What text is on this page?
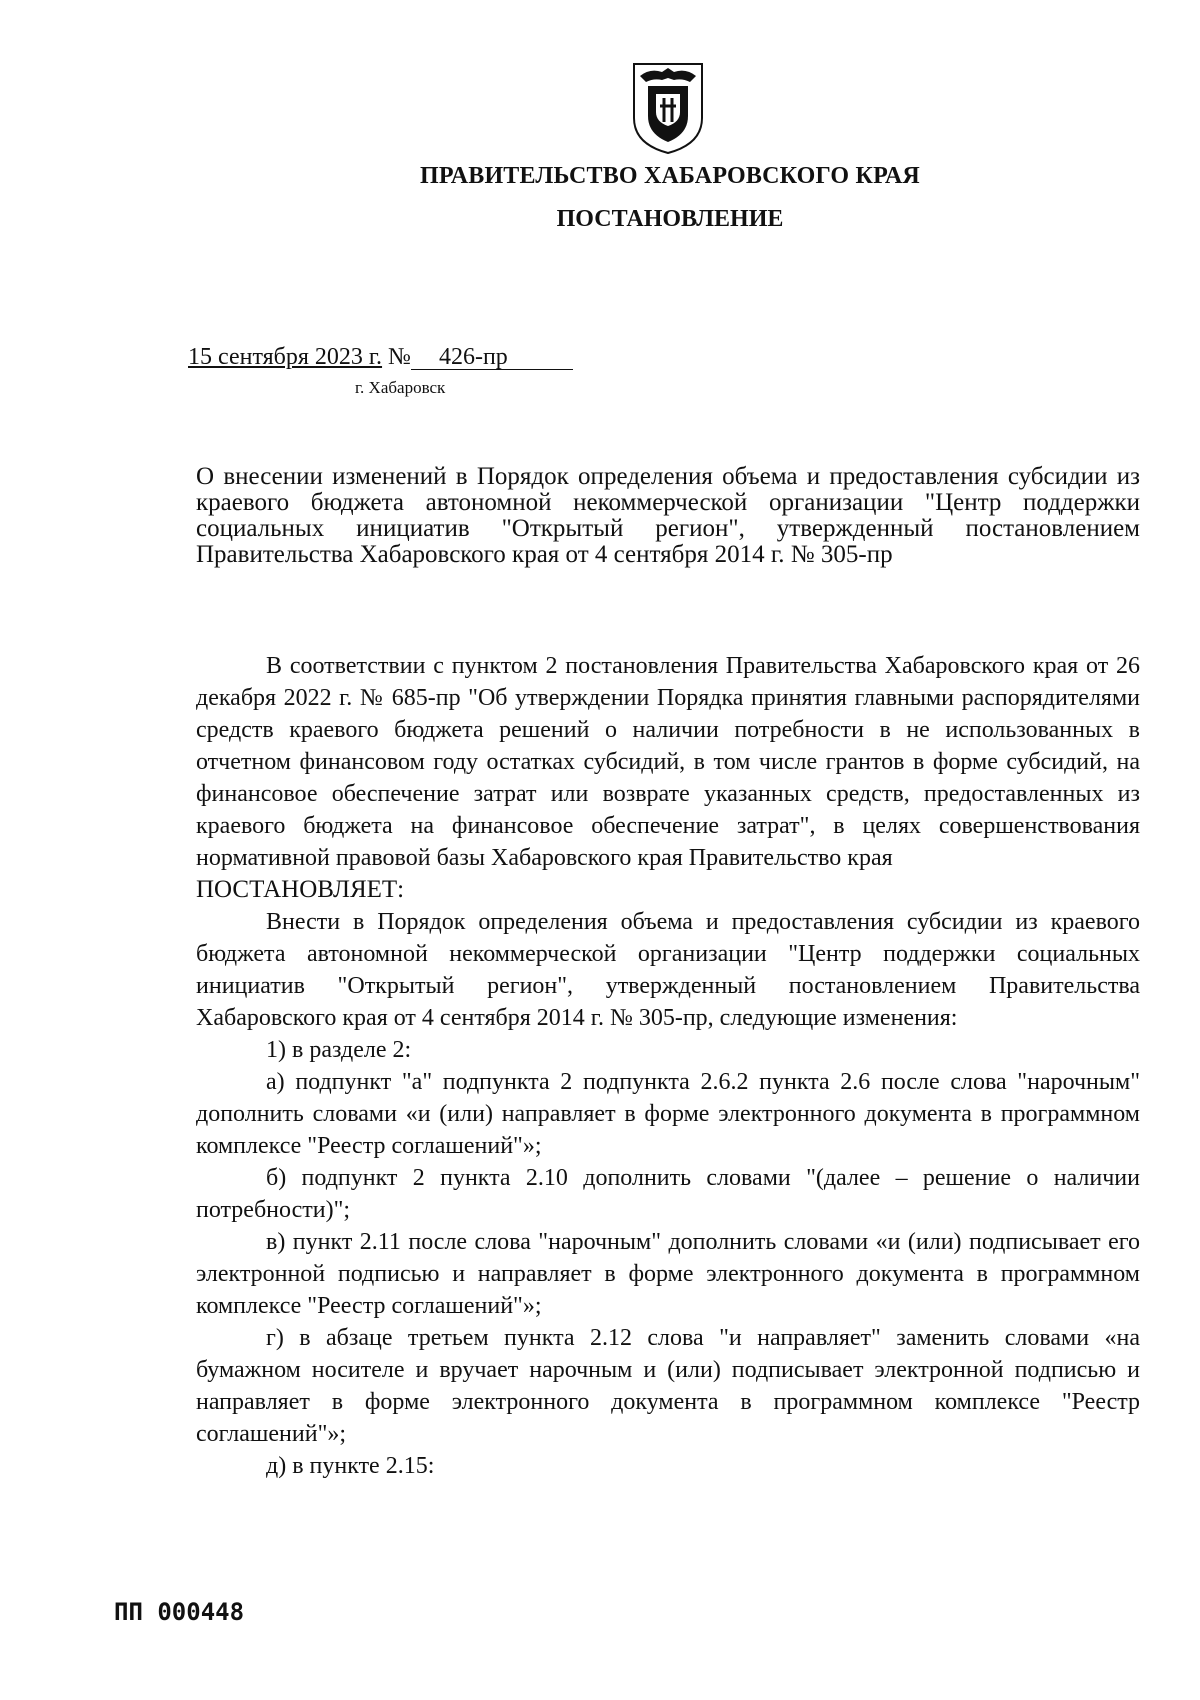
ПРАВИТЕЛЬСТВО ХАБАРОВСКОГО КРАЯ
ПОСТАНОВЛЕНИЕ
15 сентября 2023 г. № 426-пр
г. Хабаровск
О внесении изменений в Порядок определения объема и предоставления субсидии из краевого бюджета автономной некоммерческой организации "Центр поддержки социальных инициатив "Открытый регион", утвержденный постановлением Правительства Хабаровского края от 4 сентября 2014 г. № 305-пр

В соответствии с пунктом 2 постановления Правительства Хабаровского края от 26 декабря 2022 г. № 685-пр "Об утверждении Порядка принятия главными распорядителями средств краевого бюджета решений о наличии потребности в не использованных в отчетном финансовом году остатках субсидий, в том числе грантов в форме субсидий, на финансовое обеспечение затрат или возврате указанных средств, предоставленных из краевого бюджета на финансовое обеспечение затрат", в целях совершенствования нормативной правовой базы Хабаровского края Правительство края

ПОСТАНОВЛЯЕТ:

Внести в Порядок определения объема и предоставления субсидии из краевого бюджета автономной некоммерческой организации "Центр поддержки социальных инициатив "Открытый регион", утвержденный постановлением Правительства Хабаровского края от 4 сентября 2014 г. № 305-пр, следующие изменения:

1) в разделе 2:

а) подпункт "а" подпункта 2 подпункта 2.6.2 пункта 2.6 после слова "нарочным" дополнить словами «и (или) направляет в форме электронного документа в программном комплексе "Реестр соглашений"»;

б) подпункт 2 пункта 2.10 дополнить словами "(далее – решение о наличии потребности)";

в) пункт 2.11 после слова "нарочным" дополнить словами «и (или) подписывает его электронной подписью и направляет в форме электронного документа в программном комплексе "Реестр соглашений"»;

г) в абзаце третьем пункта 2.12 слова "и направляет" заменить словами «на бумажном носителе и вручает нарочным и (или) подписывает электронной подписью и направляет в форме электронного документа в программном комплексе "Реестр соглашений"»;

д) в пункте 2.15:

ПП 000448
